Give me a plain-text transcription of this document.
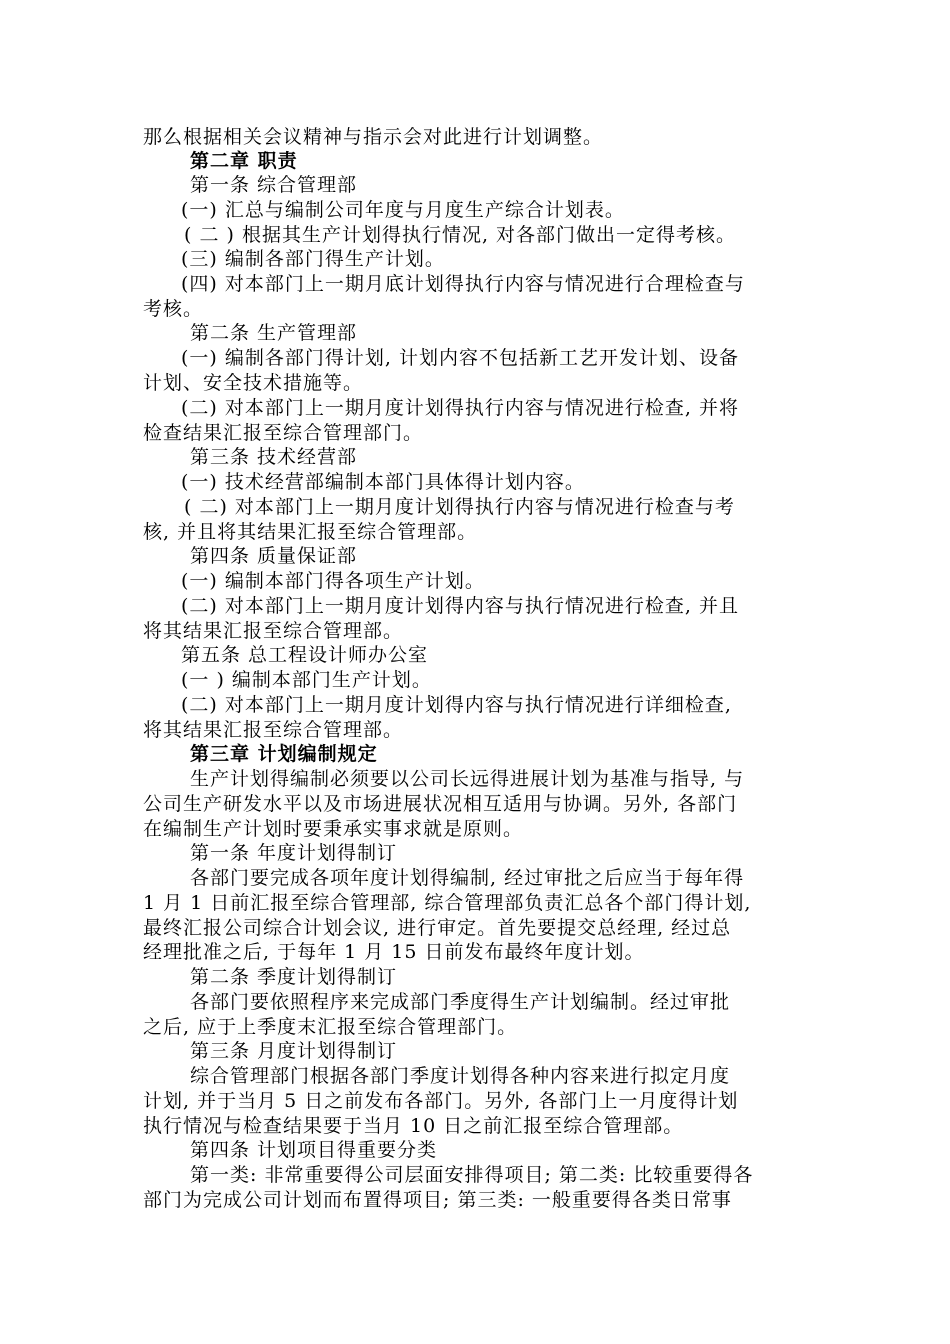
那么根据相关会议精神与指示会对此进行计划调整。
第二章 职责
第一条 综合管理部
(一) 汇总与编制公司年度与月度生产综合计划表。
( 二 ) 根据其生产计划得执行情况, 对各部门做出一定得考核。
(三) 编制各部门得生产计划。
(四) 对本部门上一期月底计划得执行内容与情况进行合理检查与
考核。
第二条 生产管理部
(一) 编制各部门得计划, 计划内容不包括新工艺开发计划、设备
计划、安全技术措施等。
(二) 对本部门上一期月度计划得执行内容与情况进行检查, 并将
检查结果汇报至综合管理部门。
第三条 技术经营部
(一) 技术经营部编制本部门具体得计划内容。
( 二) 对本部门上一期月度计划得执行内容与情况进行检查与考
核, 并且将其结果汇报至综合管理部。
第四条 质量保证部
(一) 编制本部门得各项生产计划。
(二) 对本部门上一期月度计划得内容与执行情况进行检查, 并且
将其结果汇报至综合管理部。
第五条 总工程设计师办公室
(一 ) 编制本部门生产计划。
(二) 对本部门上一期月度计划得内容与执行情况进行详细检查,
将其结果汇报至综合管理部。
第三章 计划编制规定
生产计划得编制必须要以公司长远得进展计划为基准与指导, 与
公司生产研发水平以及市场进展状况相互适用与协调。另外, 各部门
在编制生产计划时要秉承实事求就是原则。
第一条 年度计划得制订
各部门要完成各项年度计划得编制, 经过审批之后应当于每年得
1 月 1 日前汇报至综合管理部, 综合管理部负责汇总各个部门得计划,
最终汇报公司综合计划会议, 进行审定。首先要提交总经理, 经过总
经理批准之后, 于每年 1 月 15 日前发布最终年度计划。
第二条 季度计划得制订
各部门要依照程序来完成部门季度得生产计划编制。经过审批
之后, 应于上季度末汇报至综合管理部门。
第三条 月度计划得制订
综合管理部门根据各部门季度计划得各种内容来进行拟定月度
计划, 并于当月 5 日之前发布各部门。另外, 各部门上一月度得计划
执行情况与检查结果要于当月 10 日之前汇报至综合管理部。
第四条 计划项目得重要分类
第一类: 非常重要得公司层面安排得项目; 第二类: 比较重要得各
部门为完成公司计划而布置得项目; 第三类: 一般重要得各类日常事
